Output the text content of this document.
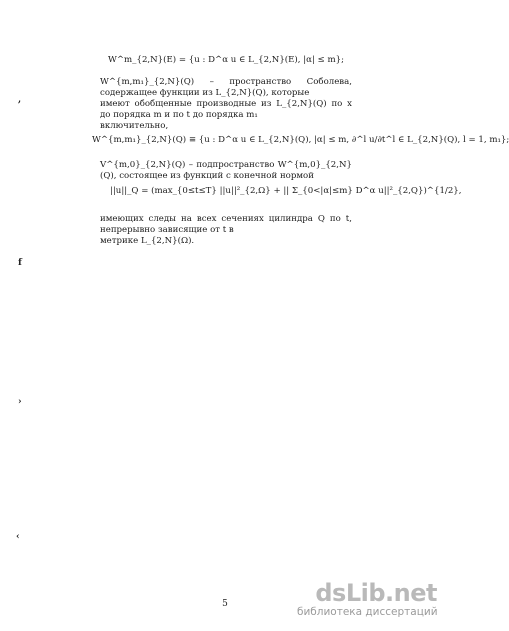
,
f
›
‹
W^m_{2,N}(E) = {u : D^α u ∈ L_{2,N}(E), |α| ≤ m};
W^{m,m₁}_{2,N}(Q) – пространство Соболева, содержащее функции из L_{2,N}(Q), которые
имеют обобщенные производные из L_{2,N}(Q) по x до порядка m и по t до порядка m₁
включительно,
W^{m,m₁}_{2,N}(Q) ≡ {u : D^α u ∈ L_{2,N}(Q), |α| ≤ m, ∂^l u/∂t^l ∈ L_{2,N}(Q), l = 1, m₁};
V^{m,0}_{2,N}(Q) – подпространство W^{m,0}_{2,N}(Q), состоящее из функций с конечной нормой
||u||_Q = (max_{0≤t≤T} ||u||²_{2,Ω} + || Σ_{0<|α|≤m} D^α u||²_{2,Q})^{1/2},
имеющих следы на всех сечениях цилиндра Q по t, непрерывно зависящие от t в
метрике L_{2,N}(Ω).
5	dsLib.net
библиотека диссертаций
